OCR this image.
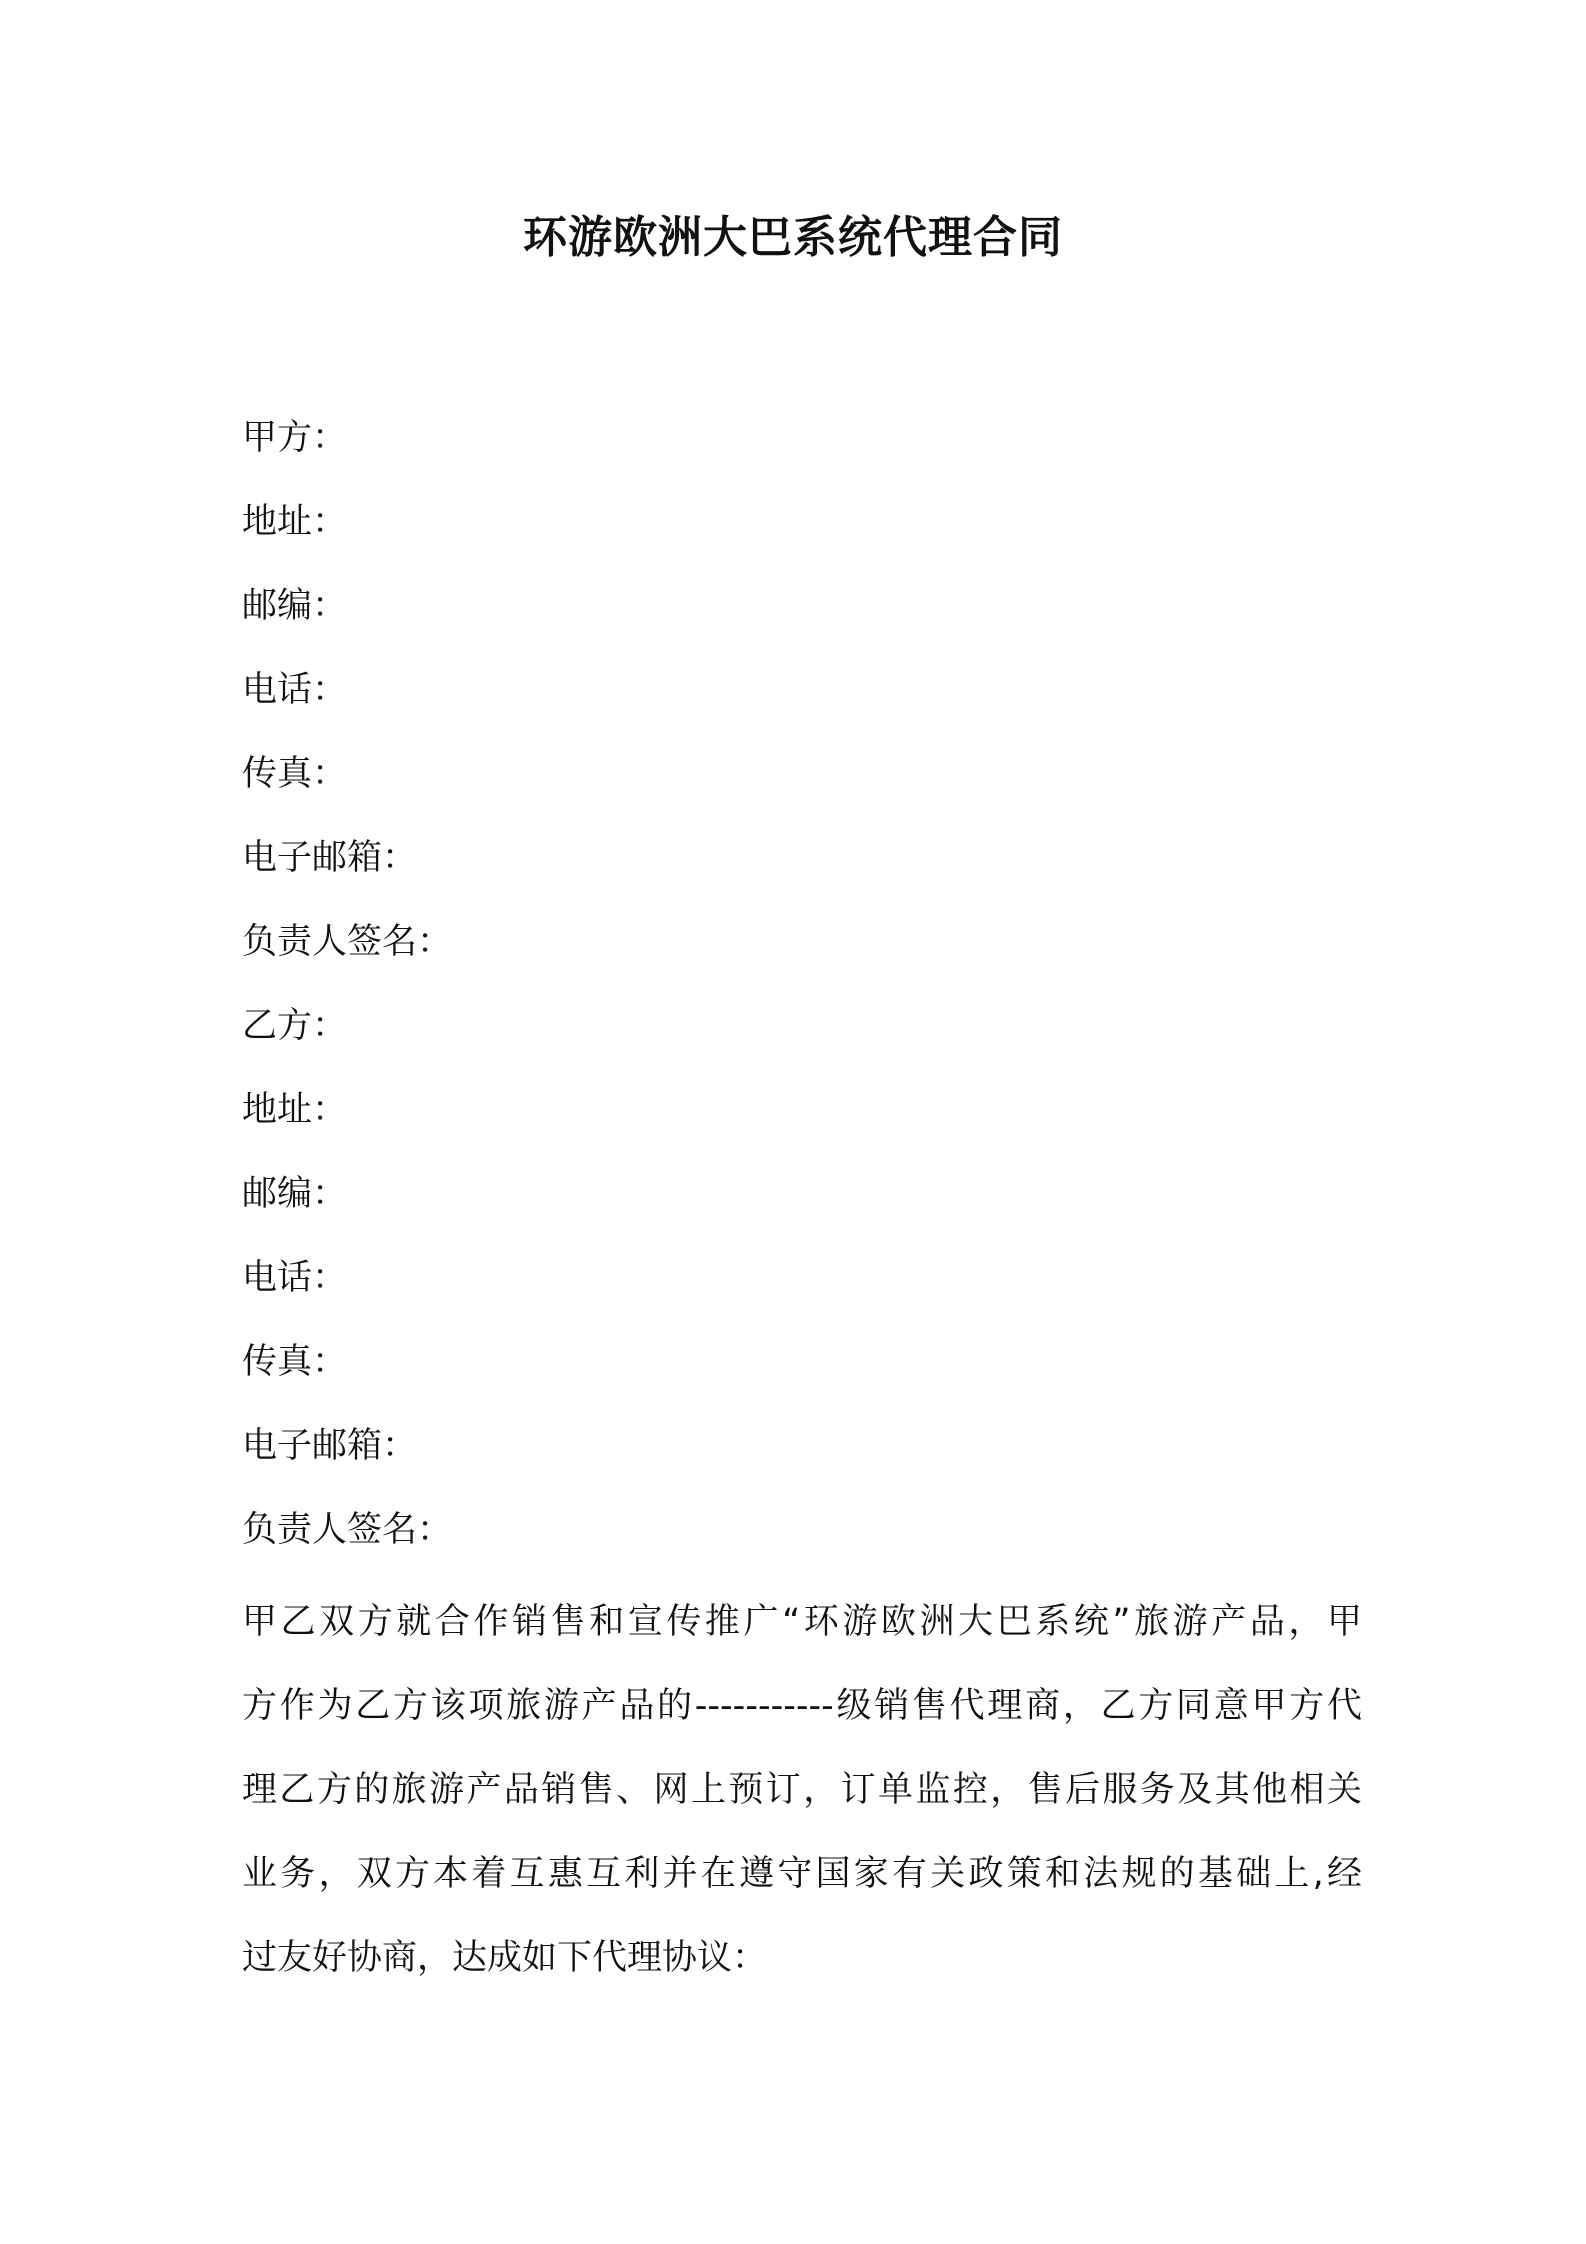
环游欧洲大巴系统代理合同
甲方：
地址：
邮编：
电话：
传真：
电子邮箱：
负责人签名：
乙方：
地址：
邮编：
电话：
传真：
电子邮箱：
负责人签名：
甲乙双方就合作销售和宣传推广“环游欧洲大巴系统”旅游产品，甲
方作为乙方该项旅游产品的-----------级销售代理商，乙方同意甲方代
理乙方的旅游产品销售、网上预订，订单监控，售后服务及其他相关
业务，双方本着互惠互利并在遵守国家有关政策和法规的基础上,经
过友好协商，达成如下代理协议：
